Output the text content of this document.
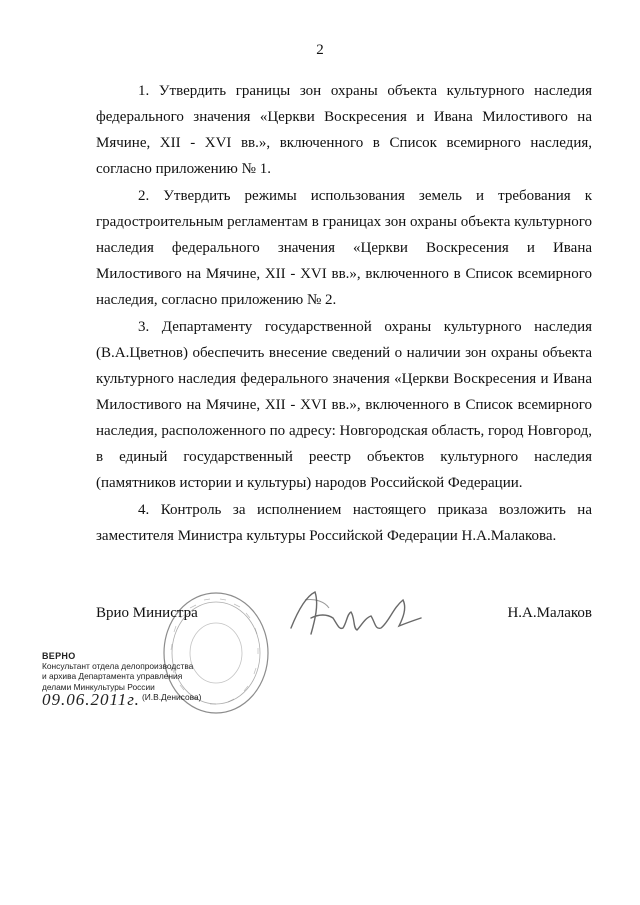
2

1. Утвердить границы зон охраны объекта культурного наследия федерального значения «Церкви Воскресения и Ивана Милостивого на Мячине, XII - XVI вв.», включенного в Список всемирного наследия, согласно приложению № 1.

2. Утвердить режимы использования земель и требования к градостроительным регламентам в границах зон охраны объекта культурного наследия федерального значения «Церкви Воскресения и Ивана Милостивого на Мячине, XII - XVI вв.», включенного в Список всемирного наследия, согласно приложению № 2.

3. Департаменту государственной охраны культурного наследия (В.А.Цветнов) обеспечить внесение сведений о наличии зон охраны объекта культурного наследия федерального значения «Церкви Воскресения и Ивана Милостивого на Мячине, XII - XVI вв.», включенного в Список всемирного наследия, расположенного по адресу: Новгородская область, город Новгород, в единый государственный реестр объектов культурного наследия (памятников истории и культуры) народов Российской Федерации.

4. Контроль за исполнением настоящего приказа возложить на заместителя Министра культуры Российской Федерации Н.А.Малакова.

Врио Министра	Н.А.Малаков
ВЕРНО
Консультант отдела делопроизводства
и архива Департамента управления
делами Минкультуры России
(И.В.Денисова)
09.06.2011г.
